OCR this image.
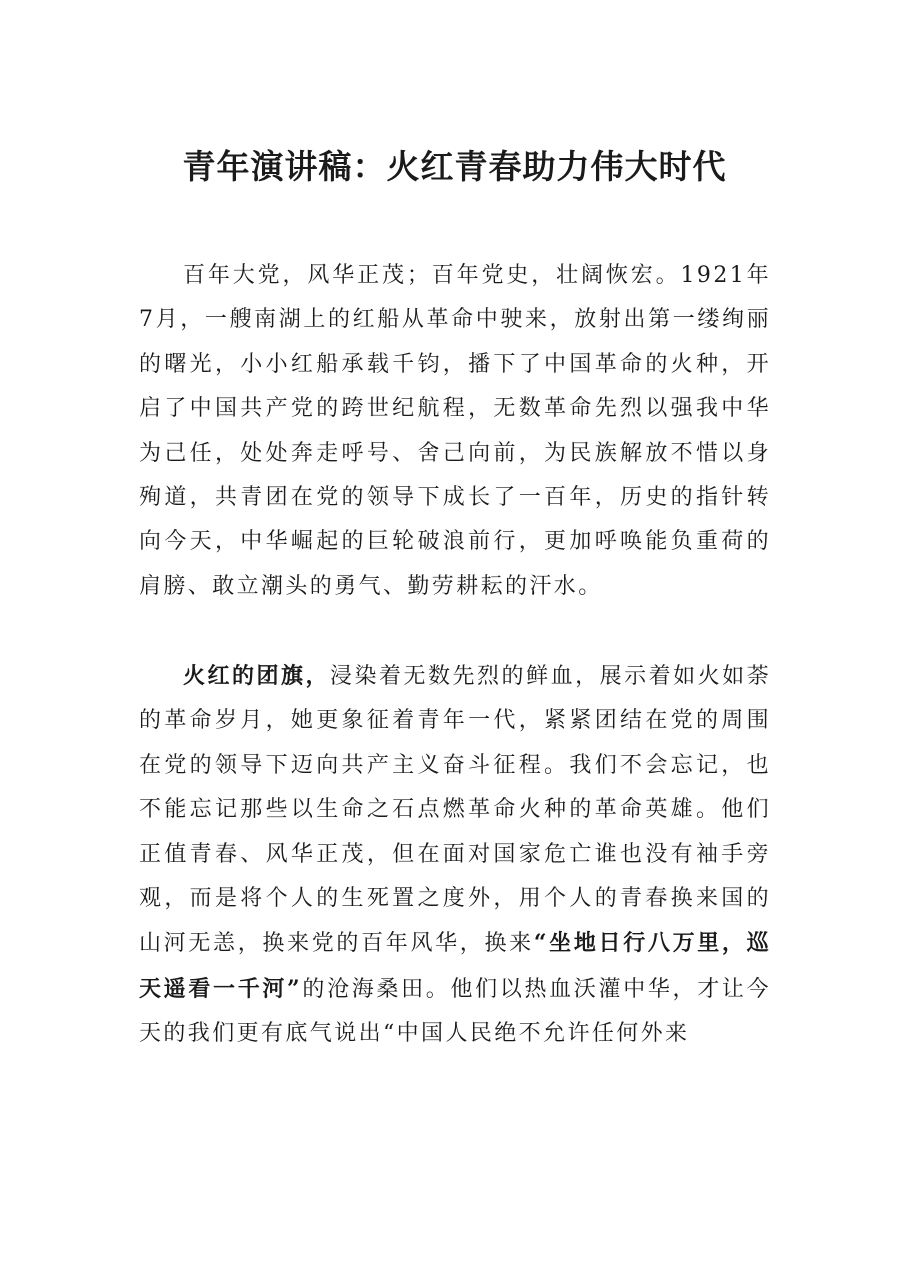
青年演讲稿：火红青春助力伟大时代

百年大党，风华正茂；百年党史，壮阔恢宏。1921年7月，一艘南湖上的红船从革命中驶来，放射出第一缕绚丽的曙光，小小红船承载千钧，播下了中国革命的火种，开启了中国共产党的跨世纪航程，无数革命先烈以强我中华为己任，处处奔走呼号、舍己向前，为民族解放不惜以身殉道，共青团在党的领导下成长了一百年，历史的指针转向今天，中华崛起的巨轮破浪前行，更加呼唤能负重荷的肩膀、敢立潮头的勇气、勤劳耕耘的汗水。

火红的团旗，浸染着无数先烈的鲜血，展示着如火如荼的革命岁月，她更象征着青年一代，紧紧团结在党的周围在党的领导下迈向共产主义奋斗征程。我们不会忘记，也不能忘记那些以生命之石点燃革命火种的革命英雄。他们正值青春、风华正茂，但在面对国家危亡谁也没有袖手旁观，而是将个人的生死置之度外，用个人的青春换来国的山河无恙，换来党的百年风华，换来“坐地日行八万里，巡天遥看一千河”的沧海桑田。他们以热血沃灌中华，才让今天的我们更有底气说出“中国人民绝不允许任何外来
